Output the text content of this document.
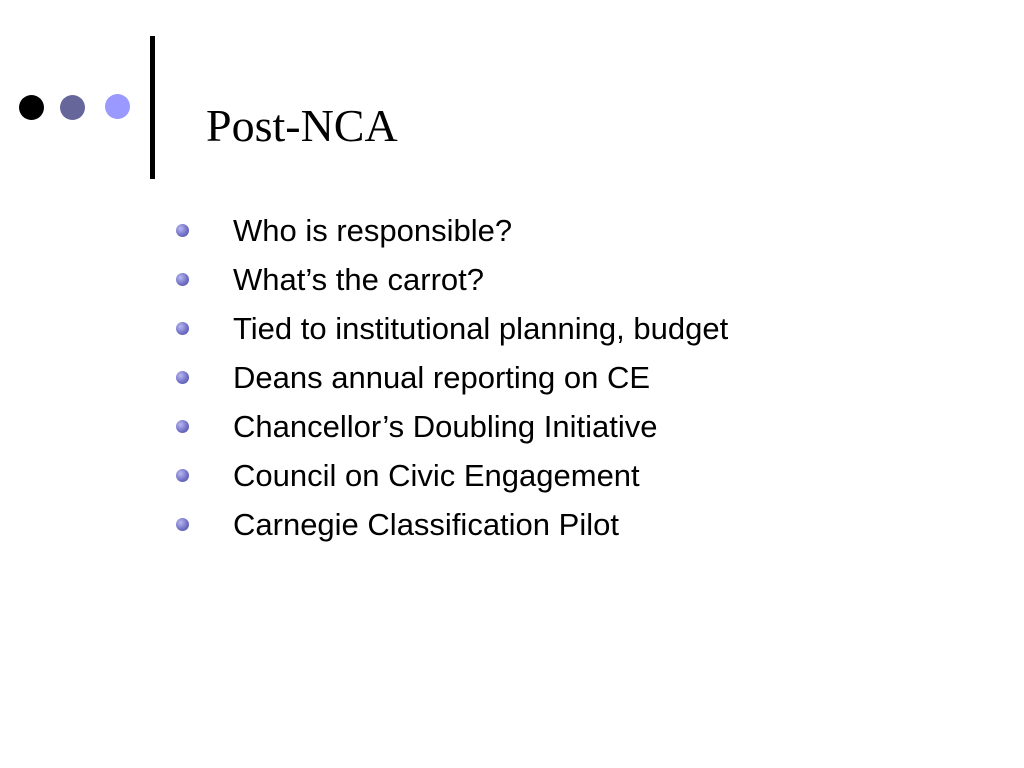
Post-NCA
Who is responsible?
What’s the carrot?
Tied to institutional planning, budget
Deans annual reporting on CE
Chancellor’s Doubling Initiative
Council on Civic Engagement
Carnegie Classification Pilot
